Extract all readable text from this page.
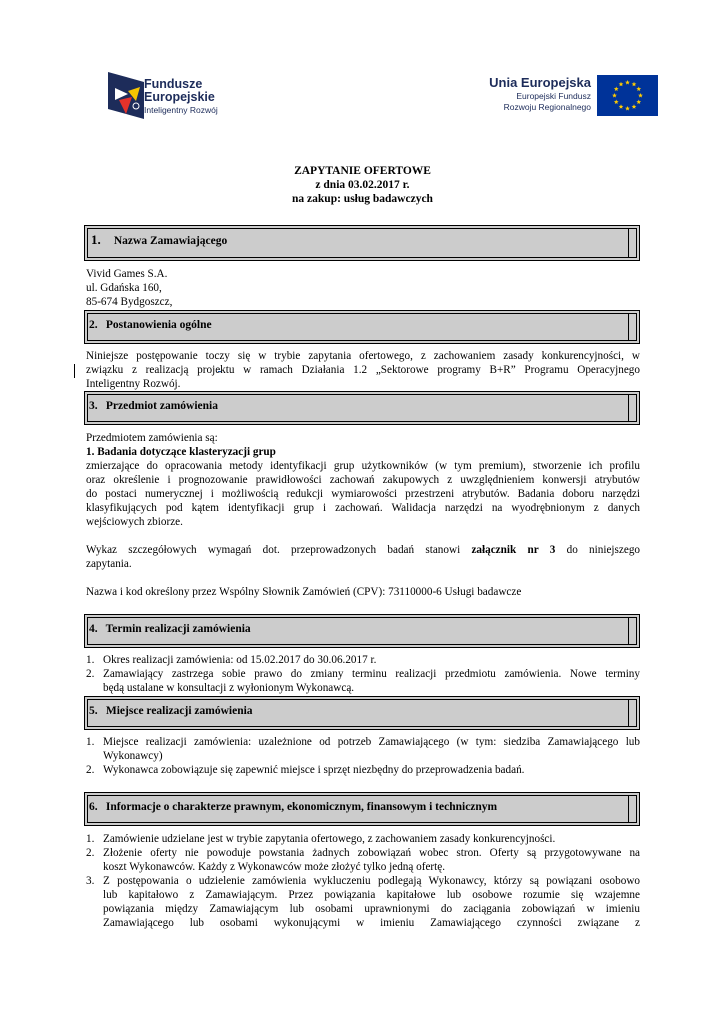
Fundusze
Europejskie
Inteligentny Rozwój
Unia Europejska
Europejski Fundusz
Rozwoju Regionalnego
ZAPYTANIE OFERTOWE
z dnia 03.02.2017 r.
na zakup: usług badawczych
1. Nazwa Zamawiającego
Vivid Games S.A.
ul. Gdańska 160,
85-674 Bydgoszcz,
2. Postanowienia ogólne
Niniejsze postępowanie toczy się w trybie zapytania ofertowego, z zachowaniem zasady konkurencyjności, w
związku z realizacją projektu w ramach Działania 1.2 „Sektorowe programy B+R” Programu Operacyjnego
Inteligentny Rozwój.
3. Przedmiot zamówienia
Przedmiotem zamówienia są:
1. Badania dotyczące klasteryzacji grup
zmierzające do opracowania metody identyfikacji grup użytkowników (w tym premium), stworzenie ich profilu
oraz określenie i prognozowanie prawidłowości zachowań zakupowych z uwzględnieniem konwersji atrybutów
do postaci numerycznej i możliwością redukcji wymiarowości przestrzeni atrybutów. Badania doboru narzędzi
klasyfikujących pod kątem identyfikacji grup i zachowań. Walidacja narzędzi na wyodrębnionym z danych
wejściowych zbiorze.
Wykaz szczegółowych wymagań dot. przeprowadzonych badań stanowi załącznik nr 3 do niniejszego
zapytania.
Nazwa i kod określony przez Wspólny Słownik Zamówień (CPV): 73110000-6 Usługi badawcze
4. Termin realizacji zamówienia
1. Okres realizacji zamówienia: od 15.02.2017 do 30.06.2017 r.
2. Zamawiający zastrzega sobie prawo do zmiany terminu realizacji przedmiotu zamówienia. Nowe terminy
będą ustalane w konsultacji z wyłonionym Wykonawcą.
5. Miejsce realizacji zamówienia
1. Miejsce realizacji zamówienia: uzależnione od potrzeb Zamawiającego (w tym: siedziba Zamawiającego lub
Wykonawcy)
2. Wykonawca zobowiązuje się zapewnić miejsce i sprzęt niezbędny do przeprowadzenia badań.
6. Informacje o charakterze prawnym, ekonomicznym, finansowym i technicznym
1. Zamówienie udzielane jest w trybie zapytania ofertowego, z zachowaniem zasady konkurencyjności.
2. Złożenie oferty nie powoduje powstania żadnych zobowiązań wobec stron. Oferty są przygotowywane na
koszt Wykonawców. Każdy z Wykonawców może złożyć tylko jedną ofertę.
3. Z postępowania o udzielenie zamówienia wykluczeniu podlegają Wykonawcy, którzy są powiązani osobowo
lub kapitałowo z Zamawiającym. Przez powiązania kapitałowe lub osobowe rozumie się wzajemne
powiązania między Zamawiającym lub osobami uprawnionymi do zaciągania zobowiązań w imieniu
Zamawiającego lub osobami wykonującymi w imieniu Zamawiającego czynności związane z
